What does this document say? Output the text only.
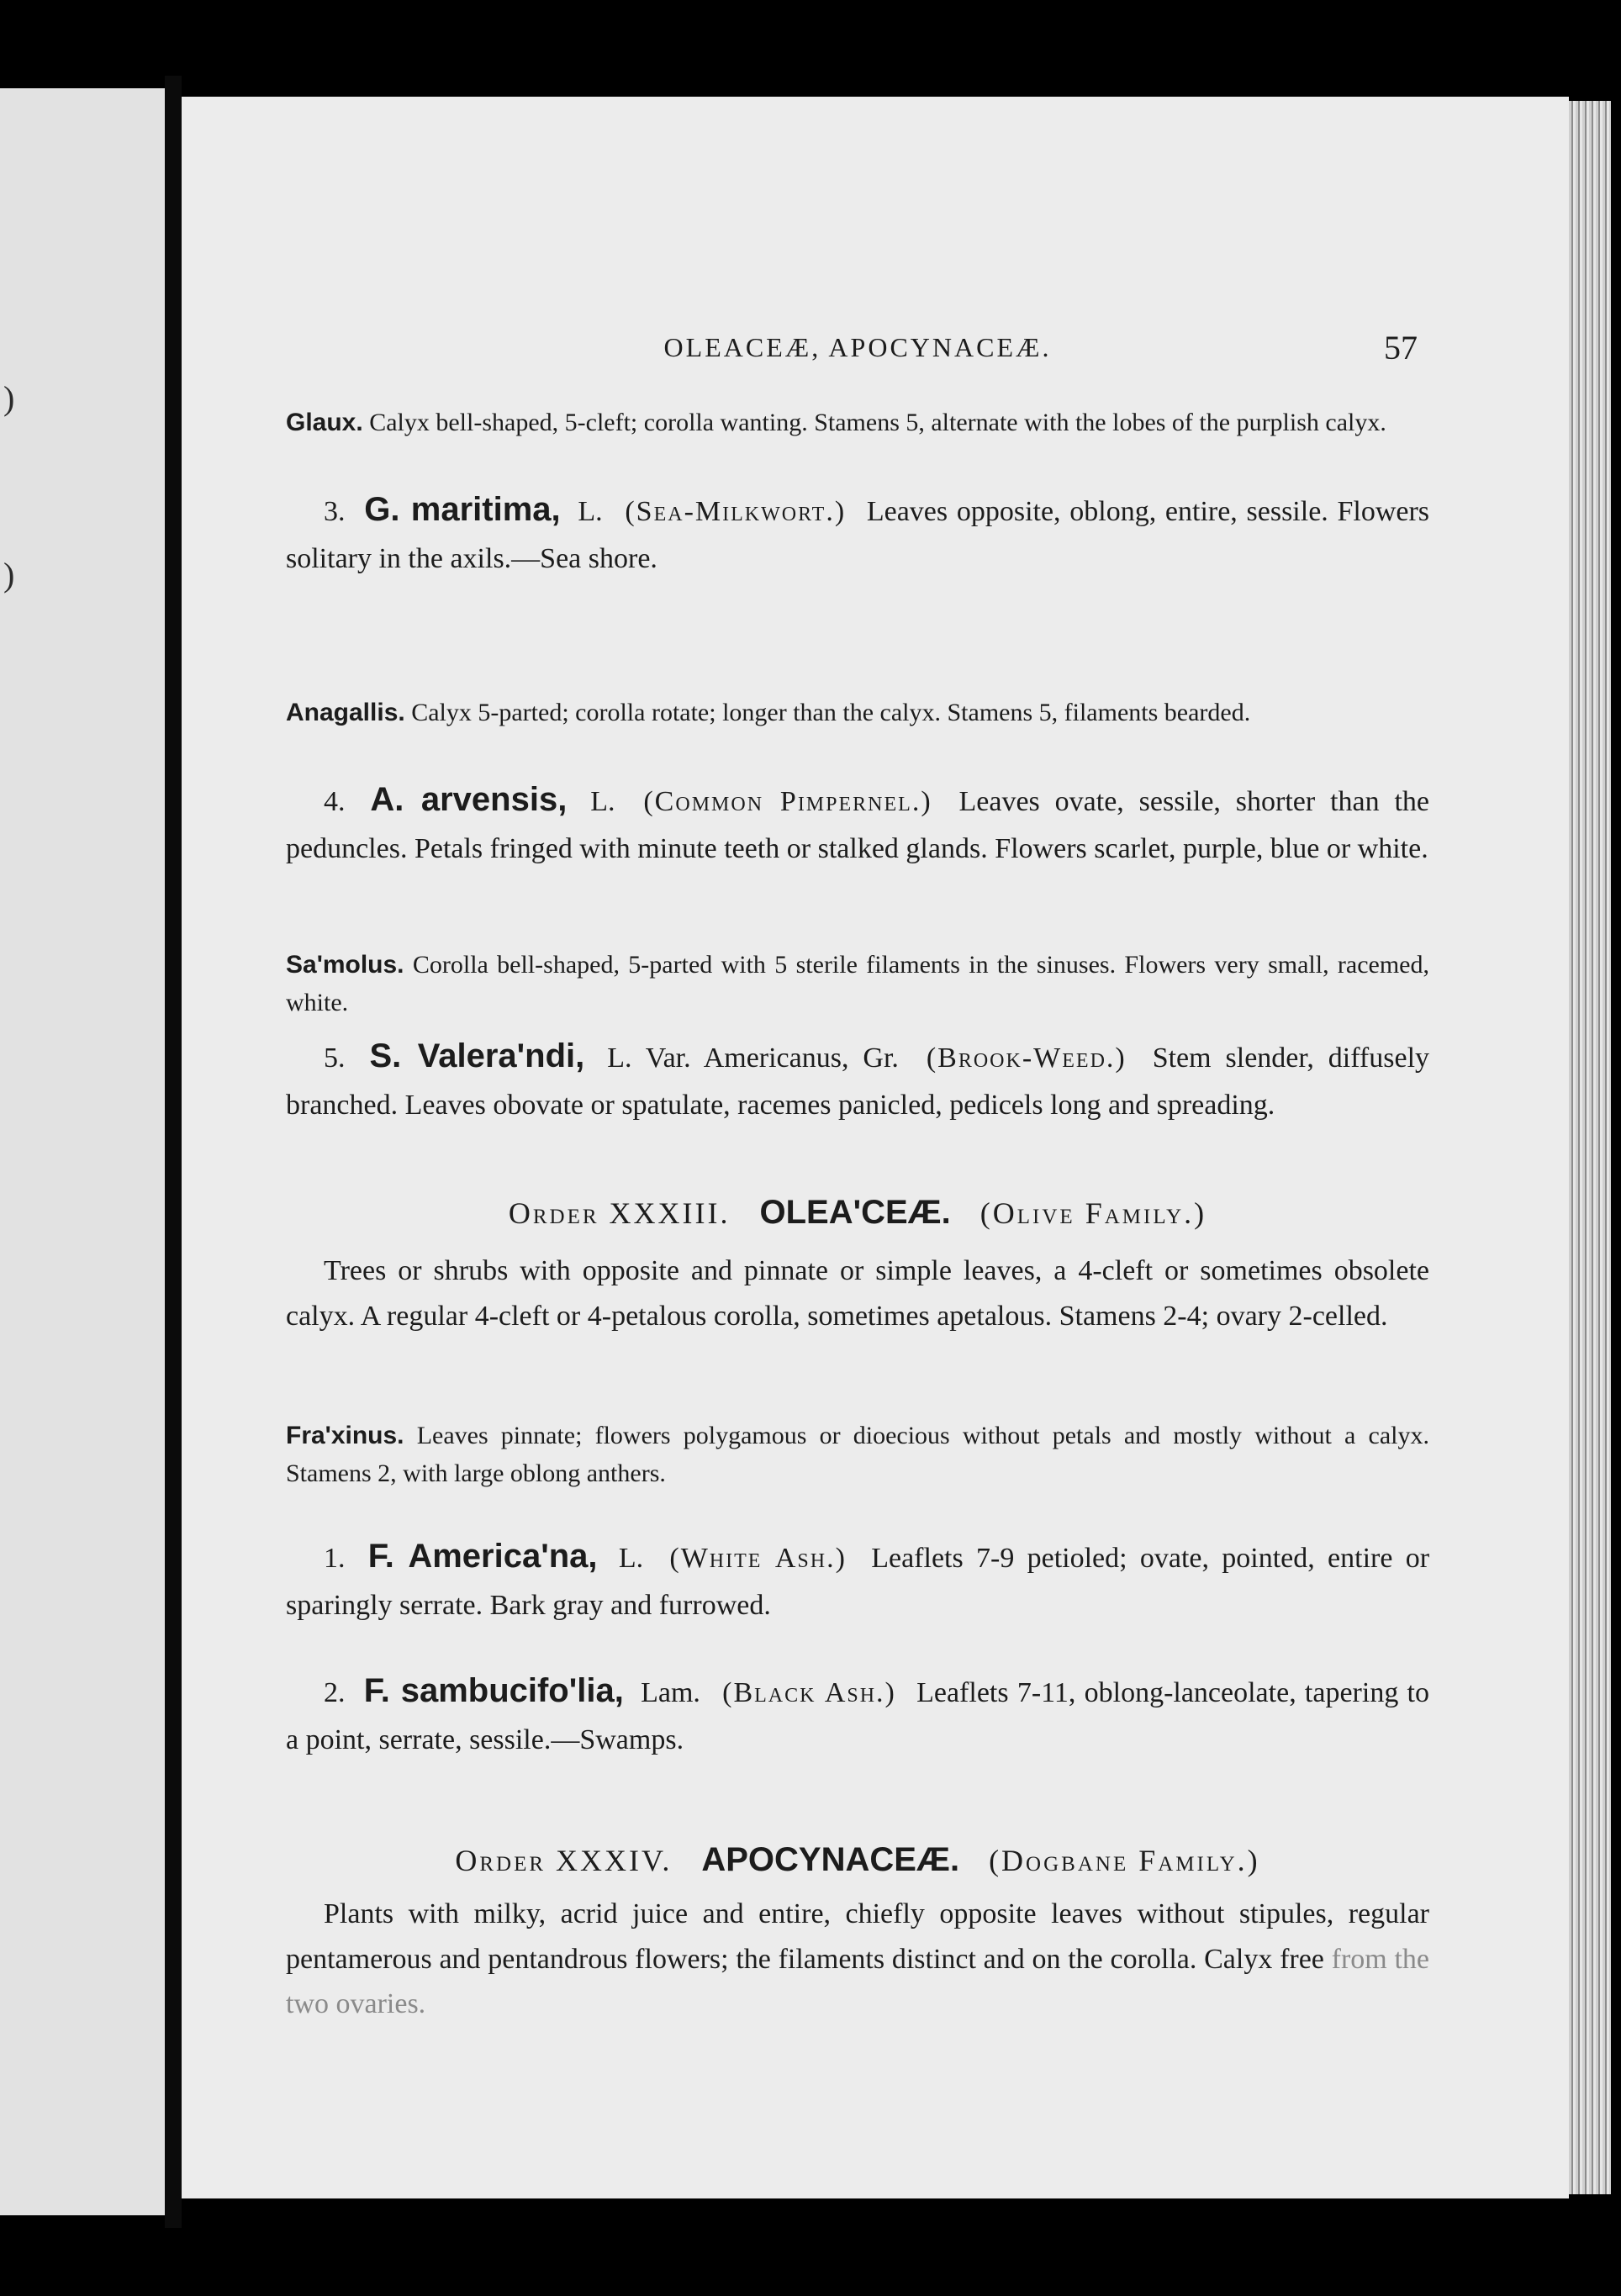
)
)
OLEACEÆ, APOCYNACEÆ.	57
Glaux. Calyx bell-shaped, 5-cleft; corolla wanting. Stamens 5, alternate with the lobes of the purplish calyx.
3. G. maritima, L. (Sea-Milkwort.) Leaves opposite, oblong, entire, sessile. Flowers solitary in the axils.—Sea shore.
Anagallis. Calyx 5-parted; corolla rotate; longer than the calyx. Stamens 5, filaments bearded.
4. A. arvensis, L. (Common Pimpernel.) Leaves ovate, sessile, shorter than the peduncles. Petals fringed with minute teeth or stalked glands. Flowers scarlet, purple, blue or white.
Sa'molus. Corolla bell-shaped, 5-parted with 5 sterile filaments in the sinuses. Flowers very small, racemed, white.
5. S. Valera'ndi, L. Var. Americanus, Gr. (Brook-Weed.) Stem slender, diffusely branched. Leaves obovate or spatulate, racemes panicled, pedicels long and spreading.
Order XXXIII. OLEA'CEÆ. (Olive Family.)
Trees or shrubs with opposite and pinnate or simple leaves, a 4-cleft or sometimes obsolete calyx. A regular 4-cleft or 4-petalous corolla, sometimes apetalous. Stamens 2-4; ovary 2-celled.
Fra'xinus. Leaves pinnate; flowers polygamous or dioecious without petals and mostly without a calyx. Stamens 2, with large oblong anthers.
1. F. America'na, L. (White Ash.) Leaflets 7-9 petioled; ovate, pointed, entire or sparingly serrate. Bark gray and furrowed.
2. F. sambucifo'lia, Lam. (Black Ash.) Leaflets 7-11, oblong-lanceolate, tapering to a point, serrate, sessile.—Swamps.
Order XXXIV. APOCYNACEÆ. (Dogbane Family.)
Plants with milky, acrid juice and entire, chiefly opposite leaves without stipules, regular pentamerous and pentandrous flowers; the filaments distinct and on the corolla. Calyx free from the two ovaries.
